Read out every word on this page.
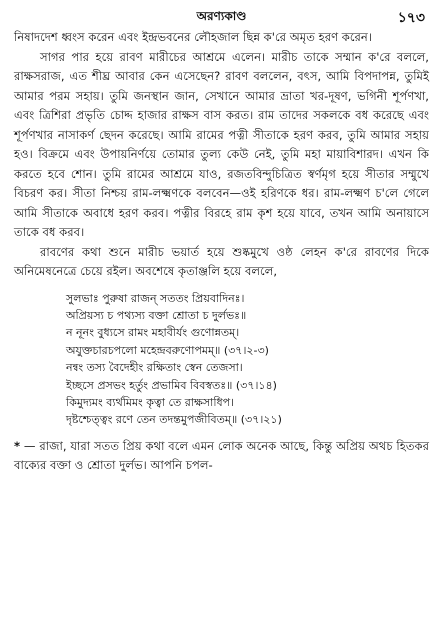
অরণ্যকাণ্ড	১৭৩

নিষাদদেশ ধ্বংস করেন এবং ইন্দ্রভবনের লৌহজাল ছিন্ন ক'রে অমৃত হরণ করেন।

সাগর পার হয়ে রাবণ মারীচের আশ্রমে এলেন। মারীচ তাকে সম্মান ক'রে বললে, রাক্ষসরাজ, এত শীঘ্র আবার কেন এসেছেন? রাবণ বললেন, বৎস, আমি বিপদাপন্ন, তুমিই আমার পরম সহায়। তুমি জনস্থান জান, সেখানে আমার ভ্রাতা খর-দূষণ, ভগিনী শূর্পণখা, এবং ত্রিশিরা প্রভৃতি চোদ্দ হাজার রাক্ষস বাস করত। রাম তাদের সকলকে বধ করেছে এবং শূর্পণখার নাসাকর্ণ ছেদন করেছে। আমি রামের পত্নী সীতাকে হরণ করব, তুমি আমার সহায় হও। বিক্রমে এবং উপায়নির্ণয়ে তোমার তুল্য কেউ নেই, তুমি মহা মায়াবিশারদ। এখন কি করতে হবে শোন। তুমি রামের আশ্রমে যাও, রজতবিন্দুচিত্রিত স্বর্ণমৃগ হয়ে সীতার সম্মুখে বিচরণ কর। সীতা নিশ্চয় রাম-লক্ষ্মণকে বলবেন—ওই হরিণকে ধর। রাম-লক্ষ্মণ চ'লে গেলে আমি সীতাকে অবাধে হরণ করব। পত্নীর বিরহে রাম কৃশ হয়ে যাবে, তখন আমি অনায়াসে তাকে বধ করব।

রাবণের কথা শুনে মারীচ ভয়ার্ত হয়ে শুষ্কমুখে ওষ্ঠ লেহন ক'রে রাবণের দিকে অনিমেষনেত্রে চেয়ে রইল। অবশেষে কৃতাঞ্জলি হয়ে বললে,

সুলভাঃ পুরুষা রাজন্ সততং প্রিয়বাদিনঃ।
অপ্রিয়স্য চ পথ্যস্য বক্তা শ্রোতা চ দুর্লভঃ॥
ন নূনং বুধ্যসে রামং মহাবীর্যং গুণোন্নতম্।
অযুক্তচারচপলো মহেন্দ্রবরুণোপমম্॥ (৩৭।২-৩)
নন্বং তস্য বৈদেহীং রক্ষিতাং স্বেন তেজসা।
ইচ্ছসে প্রসভং হর্তুং প্রভামিব বিবস্বতঃ॥ (৩৭।১৪)
কিমুদ্যমং ব্যর্থমিমং কৃত্বা তে রাক্ষসাধিপ।
দৃষ্টশ্চেত্ত্বং রণে তেন তদন্তমুপজীবিতম্॥ (৩৭।২১)
* — রাজা, যারা সতত প্রিয় কথা বলে এমন লোক অনেক আছে, কিন্তু অপ্রিয় অথচ হিতকর বাক্যের বক্তা ও শ্রোতা দুর্লভ। আপনি চপল-
